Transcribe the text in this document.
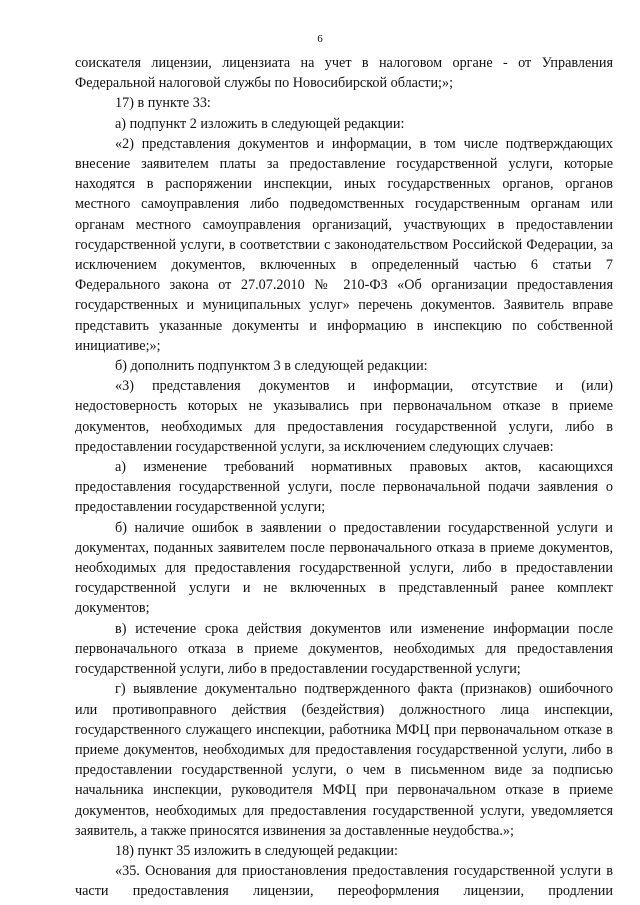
6

соискателя лицензии, лицензиата на учет в налоговом органе - от Управления Федеральной налоговой службы по Новосибирской области;»;

17) в пункте 33:

а) подпункт 2 изложить в следующей редакции:

«2) представления документов и информации, в том числе подтверждающих внесение заявителем платы за предоставление государственной услуги, которые находятся в распоряжении инспекции, иных государственных органов, органов местного самоуправления либо подведомственных государственным органам или органам местного самоуправления организаций, участвующих в предоставлении государственной услуги, в соответствии с законодательством Российской Федерации, за исключением документов, включенных в определенный частью 6 статьи 7 Федерального закона от 27.07.2010 № 210-ФЗ «Об организации предоставления государственных и муниципальных услуг» перечень документов. Заявитель вправе представить указанные документы и информацию в инспекцию по собственной инициативе;»;

б) дополнить подпунктом 3 в следующей редакции:

«3) представления документов и информации, отсутствие и (или) недостоверность которых не указывались при первоначальном отказе в приеме документов, необходимых для предоставления государственной услуги, либо в предоставлении государственной услуги, за исключением следующих случаев:

а) изменение требований нормативных правовых актов, касающихся предоставления государственной услуги, после первоначальной подачи заявления о предоставлении государственной услуги;

б) наличие ошибок в заявлении о предоставлении государственной услуги и документах, поданных заявителем после первоначального отказа в приеме документов, необходимых для предоставления государственной услуги, либо в предоставлении государственной услуги и не включенных в представленный ранее комплект документов;

в) истечение срока действия документов или изменение информации после первоначального отказа в приеме документов, необходимых для предоставления государственной услуги, либо в предоставлении государственной услуги;

г) выявление документально подтвержденного факта (признаков) ошибочного или противоправного действия (бездействия) должностного лица инспекции, государственного служащего инспекции, работника МФЦ при первоначальном отказе в приеме документов, необходимых для предоставления государственной услуги, либо в предоставлении государственной услуги, о чем в письменном виде за подписью начальника инспекции, руководителя МФЦ при первоначальном отказе в приеме документов, необходимых для предоставления государственной услуги, уведомляется заявитель, а также приносятся извинения за доставленные неудобства.»;

18) пункт 35 изложить в следующей редакции:

«35. Основания для приостановления предоставления государственной услуги в части предоставления лицензии, переоформления лицензии, продлении
